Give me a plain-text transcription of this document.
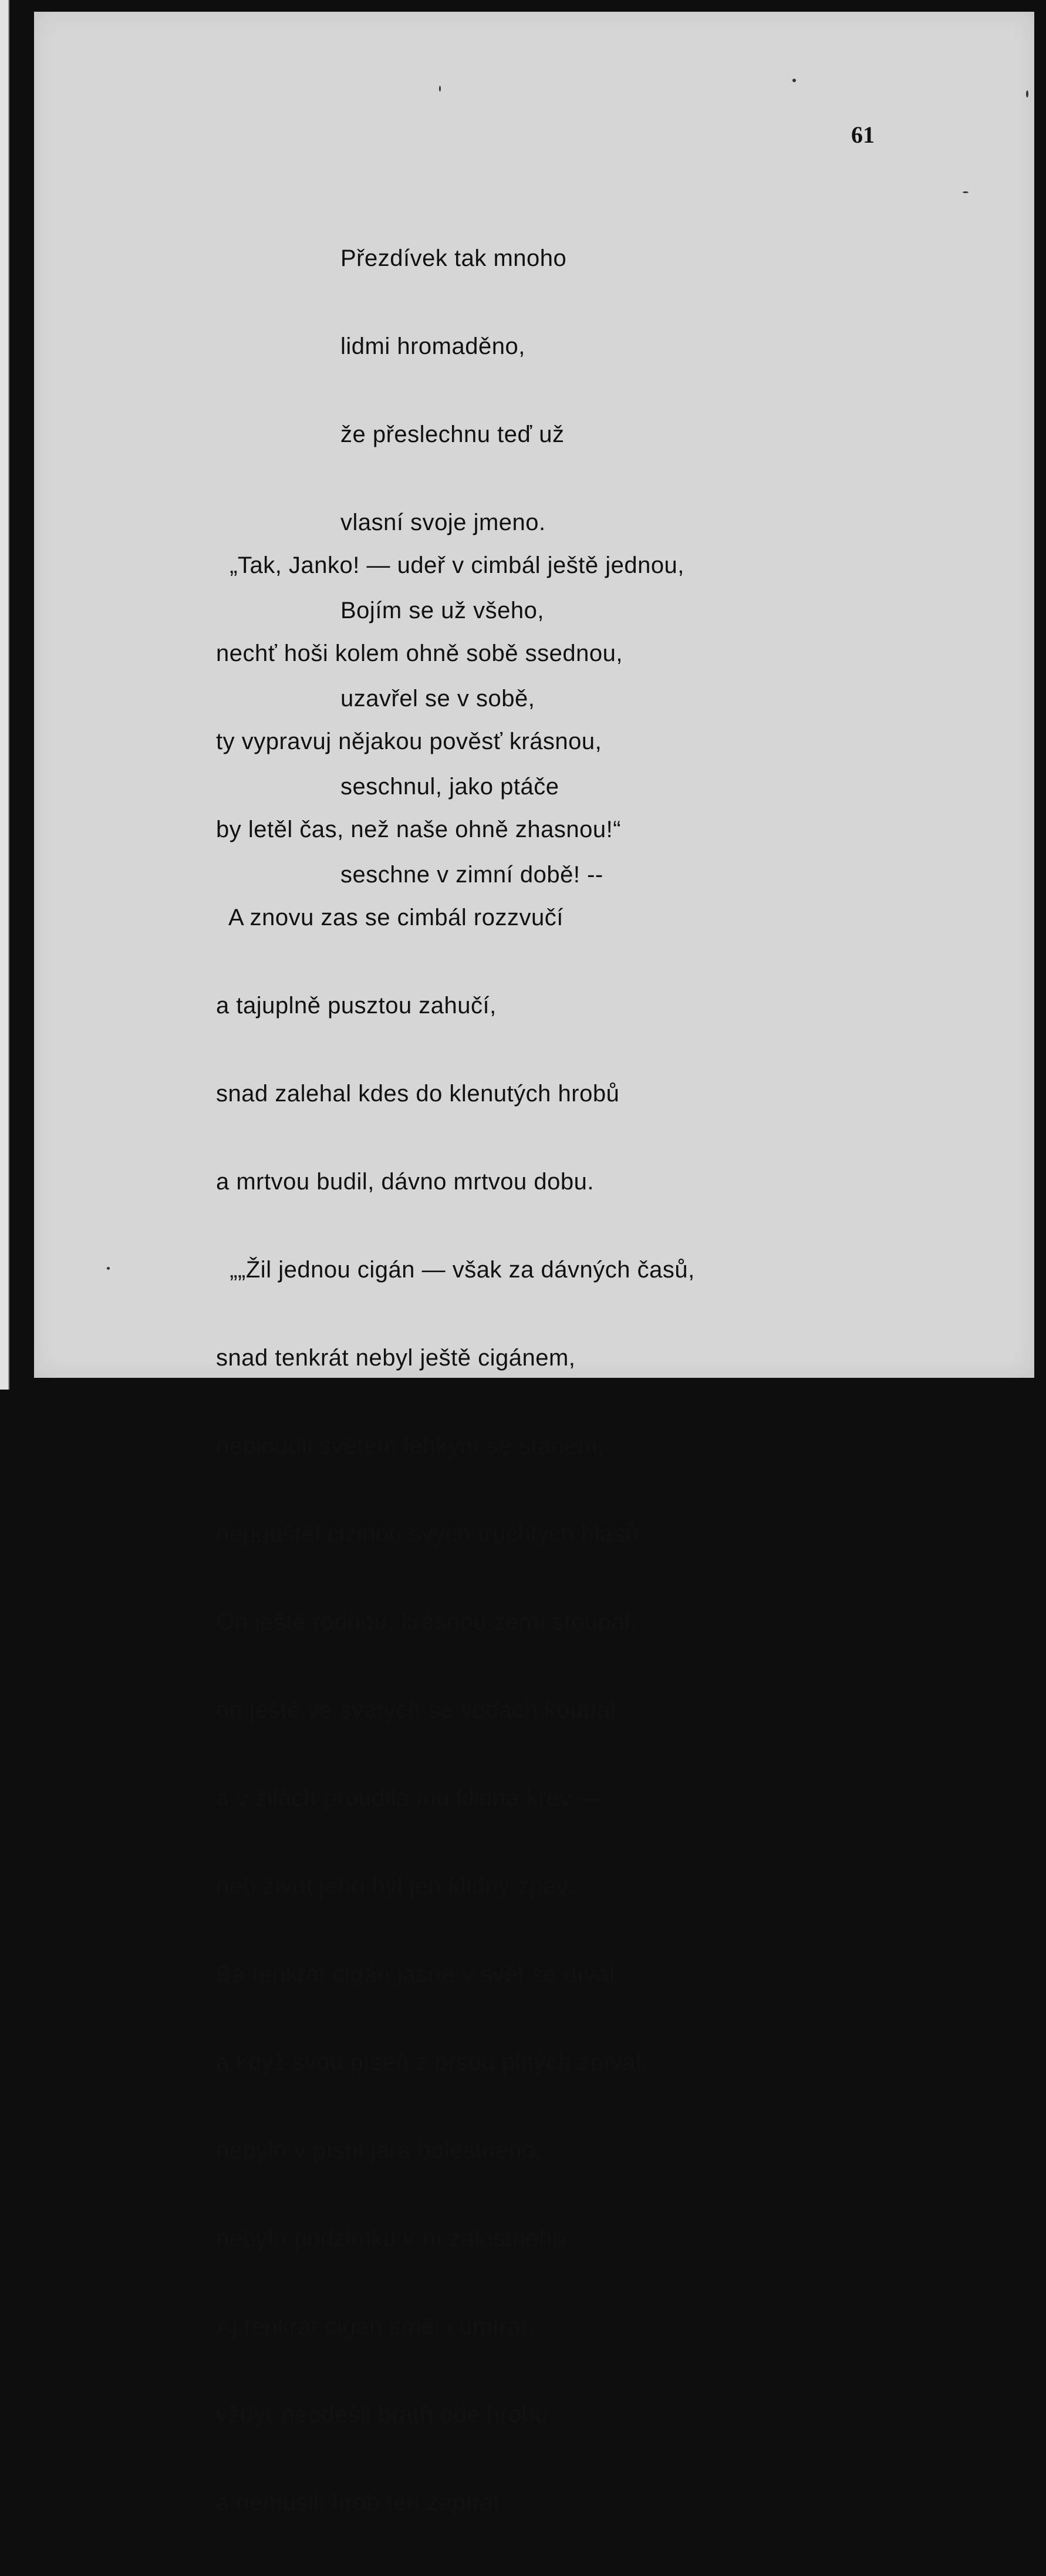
61

Přezdívek tak mnoho

lidmi hromaděno,

že přeslechnu teď už

vlasní svoje jmeno.

Bojím se už všeho,

uzavřel se v sobě,

seschnul, jako ptáče

seschne v zimní době! --

„Tak, Janko! — udeř v cimbál ještě jednou,

nechť hoši kolem ohně sobě ssednou,

ty vypravuj nějakou pověsť krásnou,

by letěl čas, než naše ohně zhasnou!“

A znovu zas se cimbál rozzvučí

a tajuplně pusztou zahučí,

snad zalehal kdes do klenutých hrobů

a mrtvou budil, dávno mrtvou dobu.

„„Žil jednou cigán — však za dávných časů,

snad tenkrát nebyl ještě cigánem,

nebloudil světem lehkým se stanem,

nepouštěl cizinou svých truchlých hlasů.

On ještě rodnou, krásnou zemí stoupal,

on ještě ve svatých se vodách koupal

a v žilách proudila mu klidná krev —

neb život jeho byl jen klidný zpěv.

Ba tenkrát cigán jasně v svět se díval,

a když svou píseň z prsou plných zpíval,

nebylo v písni jara bolestného,

nebylo podzimku v ní žalostného.

Aj tenkrát cigán směl i umírat,

vždyť neodešli bratři ode hrobu

a nemusili hrob ten zapírat
